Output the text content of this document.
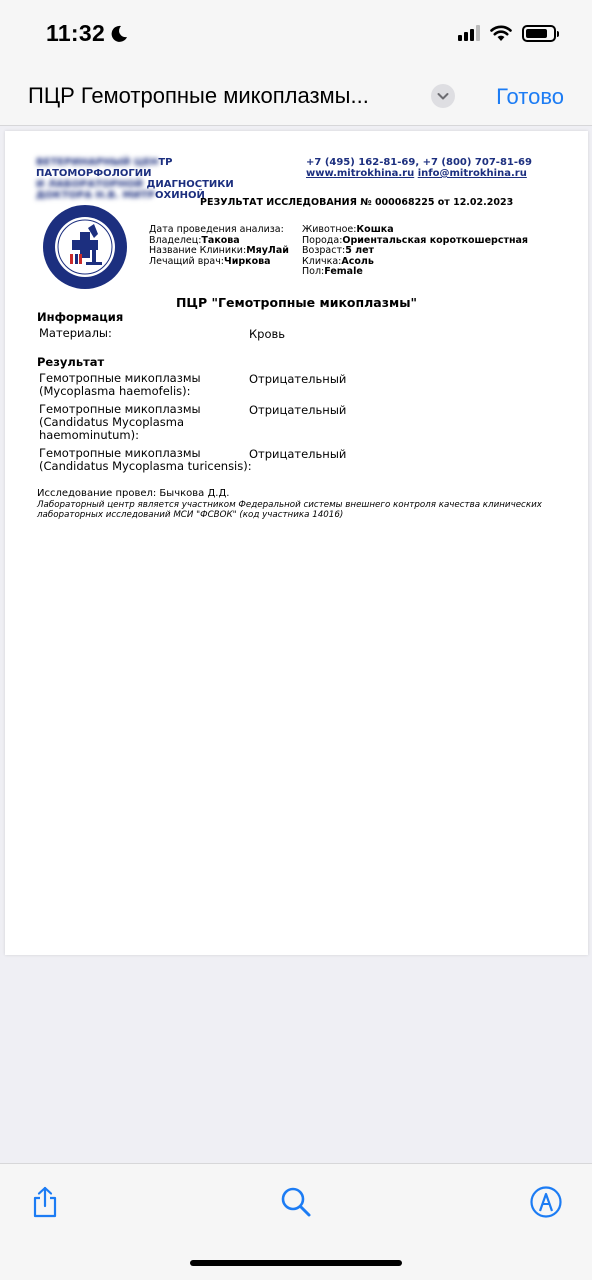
11:32
ПЦР Гемотропные микоплазмы...	Готово
ВЕТЕРИНАРНЫЙ ЦЕНТР ПАТОМОРФОЛОГИИ
И ЛАБОРАТОРНОЙ ДИАГНОСТИКИ
ДОКТОРА Н.В. МИТРОХИНОЙ
+7 (495) 162-81-69, +7 (800) 707-81-69
www.mitrokhina.ru info@mitrokhina.ru
РЕЗУЛЬТАТ ИССЛЕДОВАНИЯ № 000068225 от 12.02.2023
Дата проведения анализа:
Владелец:Такова
Название Клиники:МяуЛай
Лечащий врач:Чиркова
Животное:Кошка
Порода:Ориентальская короткошерстная
Возраст:5 лет
Кличка:Асоль
Пол:Female
ПЦР "Гемотропные микоплазмы"
Информация
Материалы:	Кровь
Результат
Гемотропные микоплазмы
(Mycoplasma haemofelis):
Отрицательный
Гемотропные микоплазмы
(Candidatus Mycoplasma
haemominutum):
Отрицательный
Гемотропные микоплазмы
(Candidatus Mycoplasma turicensis):
Отрицательный
Исследование провел: Бычкова Д.Д.
Лабораторный центр является участником Федеральной системы внешнего контроля качества клинических лабораторных исследований МСИ "ФСВОК" (код участника 14016)
